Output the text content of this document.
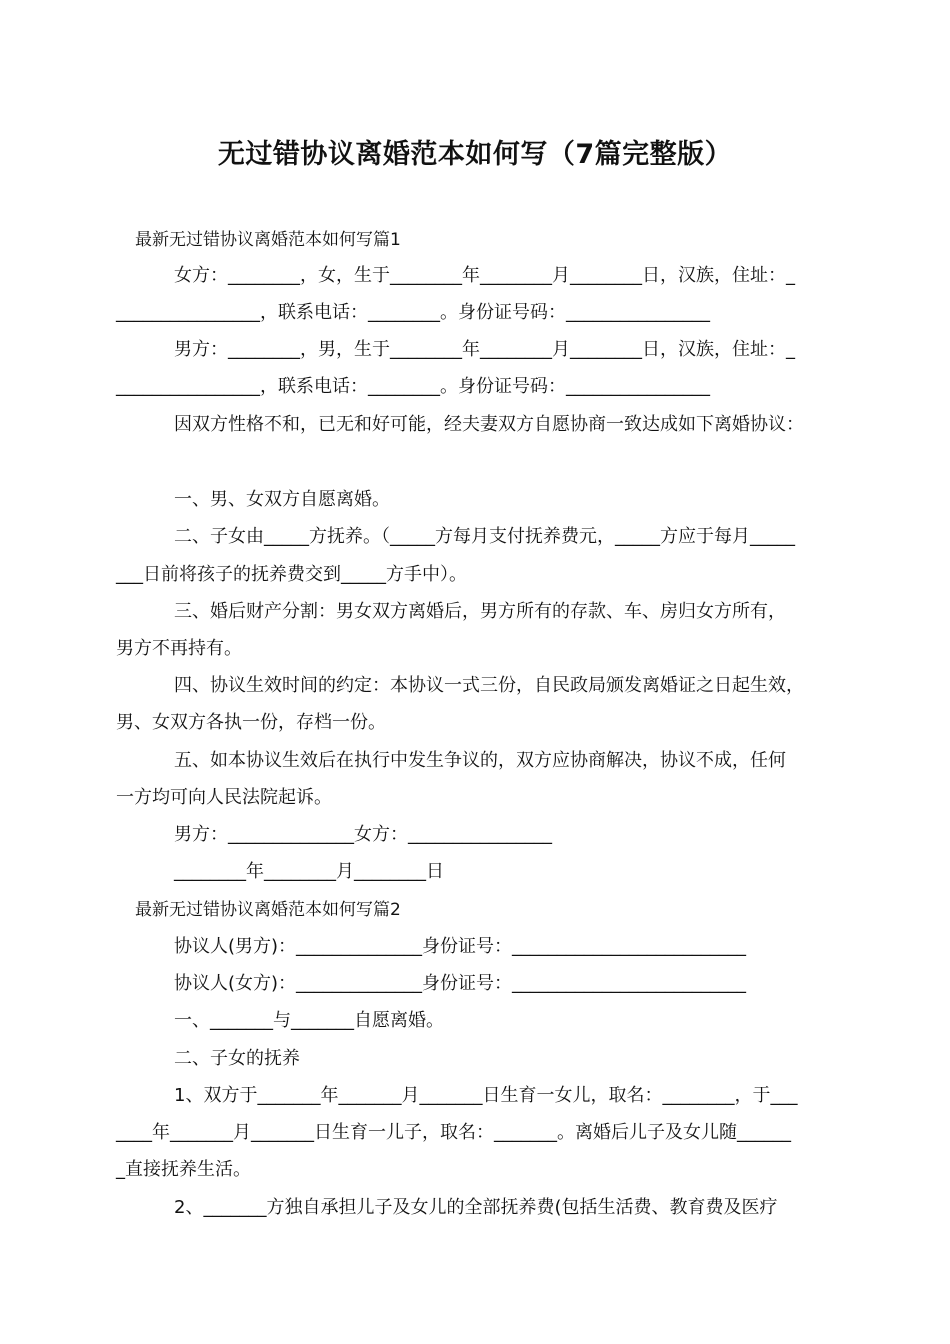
无过错协议离婚范本如何写（7篇完整版）
最新无过错协议离婚范本如何写篇1
女方：________，女，生于________年________月________日，汉族，住址：_
________________，联系电话：________。身份证号码：________________
男方：________，男，生于________年________月________日，汉族，住址：_
________________，联系电话：________。身份证号码：________________
因双方性格不和，已无和好可能，经夫妻双方自愿协商一致达成如下离婚协议：
一、男、女双方自愿离婚。
二、子女由_____方抚养。（_____方每月支付抚养费元，_____方应于每月_____
___日前将孩子的抚养费交到_____方手中）。
三、婚后财产分割：男女双方离婚后，男方所有的存款、车、房归女方所有，
男方不再持有。
四、协议生效时间的约定：本协议一式三份，自民政局颁发离婚证之日起生效，
男、女双方各执一份，存档一份。
五、如本协议生效后在执行中发生争议的，双方应协商解决，协议不成，任何
一方均可向人民法院起诉。
男方：______________女方：________________
________年________月________日
最新无过错协议离婚范本如何写篇2
协议人(男方)：______________身份证号：__________________________
协议人(女方)：______________身份证号：__________________________
一、_______与_______自愿离婚。
二、子女的抚养
1、双方于_______年_______月_______日生育一女儿，取名：________，于___
____年_______月_______日生育一儿子，取名：_______。离婚后儿子及女儿随______
_直接抚养生活。
2、_______方独自承担儿子及女儿的全部抚养费(包括生活费、教育费及医疗
